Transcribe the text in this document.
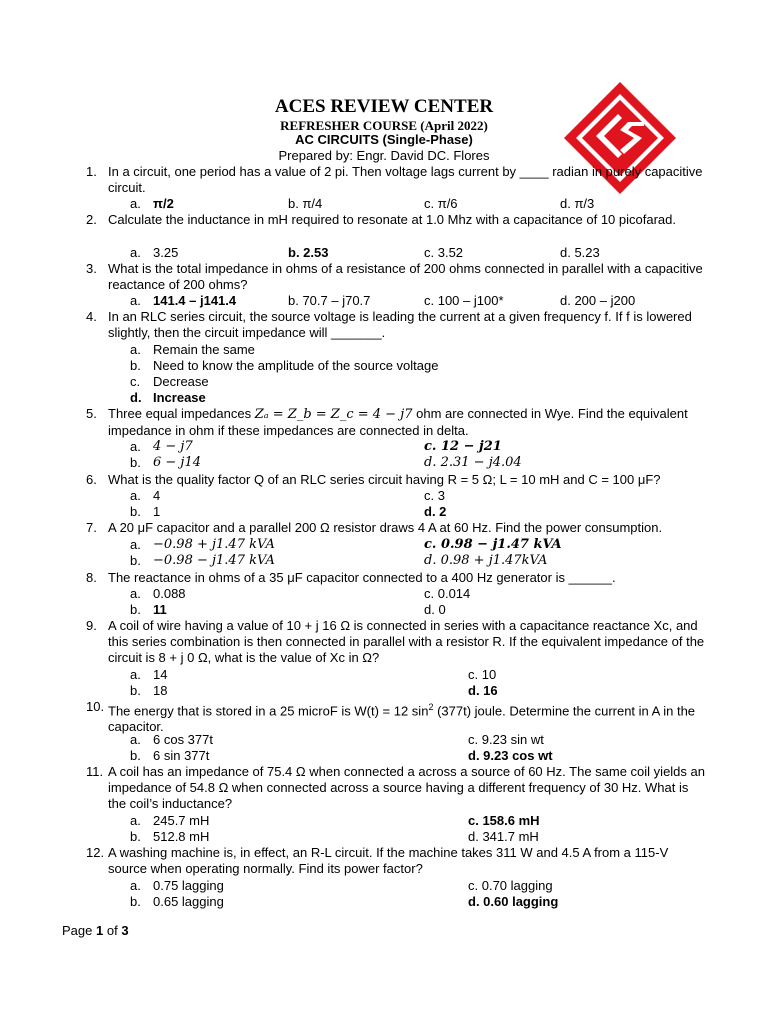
ACES REVIEW CENTER
REFRESHER COURSE (April 2022)
AC CIRCUITS (Single-Phase)
Prepared by: Engr. David DC. Flores
1. In a circuit, one period has a value of 2 pi. Then voltage lags current by ____ radian in purely capacitive circuit.
a. π/2	b. π/4	c. π/6	d. π/3
2. Calculate the inductance in mH required to resonate at 1.0 Mhz with a capacitance of 10 picofarad.
a. 3.25	b. 2.53	c. 3.52	d. 5.23
3. What is the total impedance in ohms of a resistance of 200 ohms connected in parallel with a capacitive reactance of 200 ohms?
a. 141.4 – j141.4	b. 70.7 – j70.7	c. 100 – j100*	d. 200 – j200
4. In an RLC series circuit, the source voltage is leading the current at a given frequency f. If f is lowered slightly, then the circuit impedance will _______.
a. Remain the same
b. Need to know the amplitude of the source voltage
c. Decrease
d. Increase
5. Three equal impedances Zₐ = Z_b = Z_c = 4 − j7 ohm are connected in Wye. Find the equivalent impedance in ohm if these impedances are connected in delta.
a. 4 − j7	c. 12 − j21
b. 6 − j14	d. 2.31 − j4.04
6. What is the quality factor Q of an RLC series circuit having R = 5 Ω; L = 10 mH and C = 100 μF?
a. 4	c. 3
b. 1	d. 2
7. A 20 μF capacitor and a parallel 200 Ω resistor draws 4 A at 60 Hz. Find the power consumption.
a. −0.98 + j1.47 kVA	c. 0.98 − j1.47 kVA
b. −0.98 − j1.47 kVA	d. 0.98 + j1.47kVA
8. The reactance in ohms of a 35 μF capacitor connected to a 400 Hz generator is ______.
a. 0.088	c. 0.014
b. 11	d. 0
9. A coil of wire having a value of 10 + j 16 Ω is connected in series with a capacitance reactance Xc, and this series combination is then connected in parallel with a resistor R. If the equivalent impedance of the circuit is 8 + j 0 Ω, what is the value of Xc in Ω?
a. 14	c. 10
b. 18	d. 16
10. The energy that is stored in a 25 microF is W(t) = 12 $\sin^2 (377t)$ joule. Determine the current in A in the capacitor.
a. 6 cos 377t	c. 9.23 sin wt
b. 6 sin 377t	d. 9.23 cos wt
11. A coil has an impedance of 75.4 Ω when connected a across a source of 60 Hz. The same coil yields an impedance of 54.8 Ω when connected across a source having a different frequency of 30 Hz. What is the coil’s inductance?
a. 245.7 mH	c. 158.6 mH
b. 512.8 mH	d. 341.7 mH
12. A washing machine is, in effect, an R-L circuit. If the machine takes 311 W and 4.5 A from a 115-V source when operating normally. Find its power factor?
a. 0.75 lagging	c. 0.70 lagging
b. 0.65 lagging	d. 0.60 lagging
Page 1 of 3
